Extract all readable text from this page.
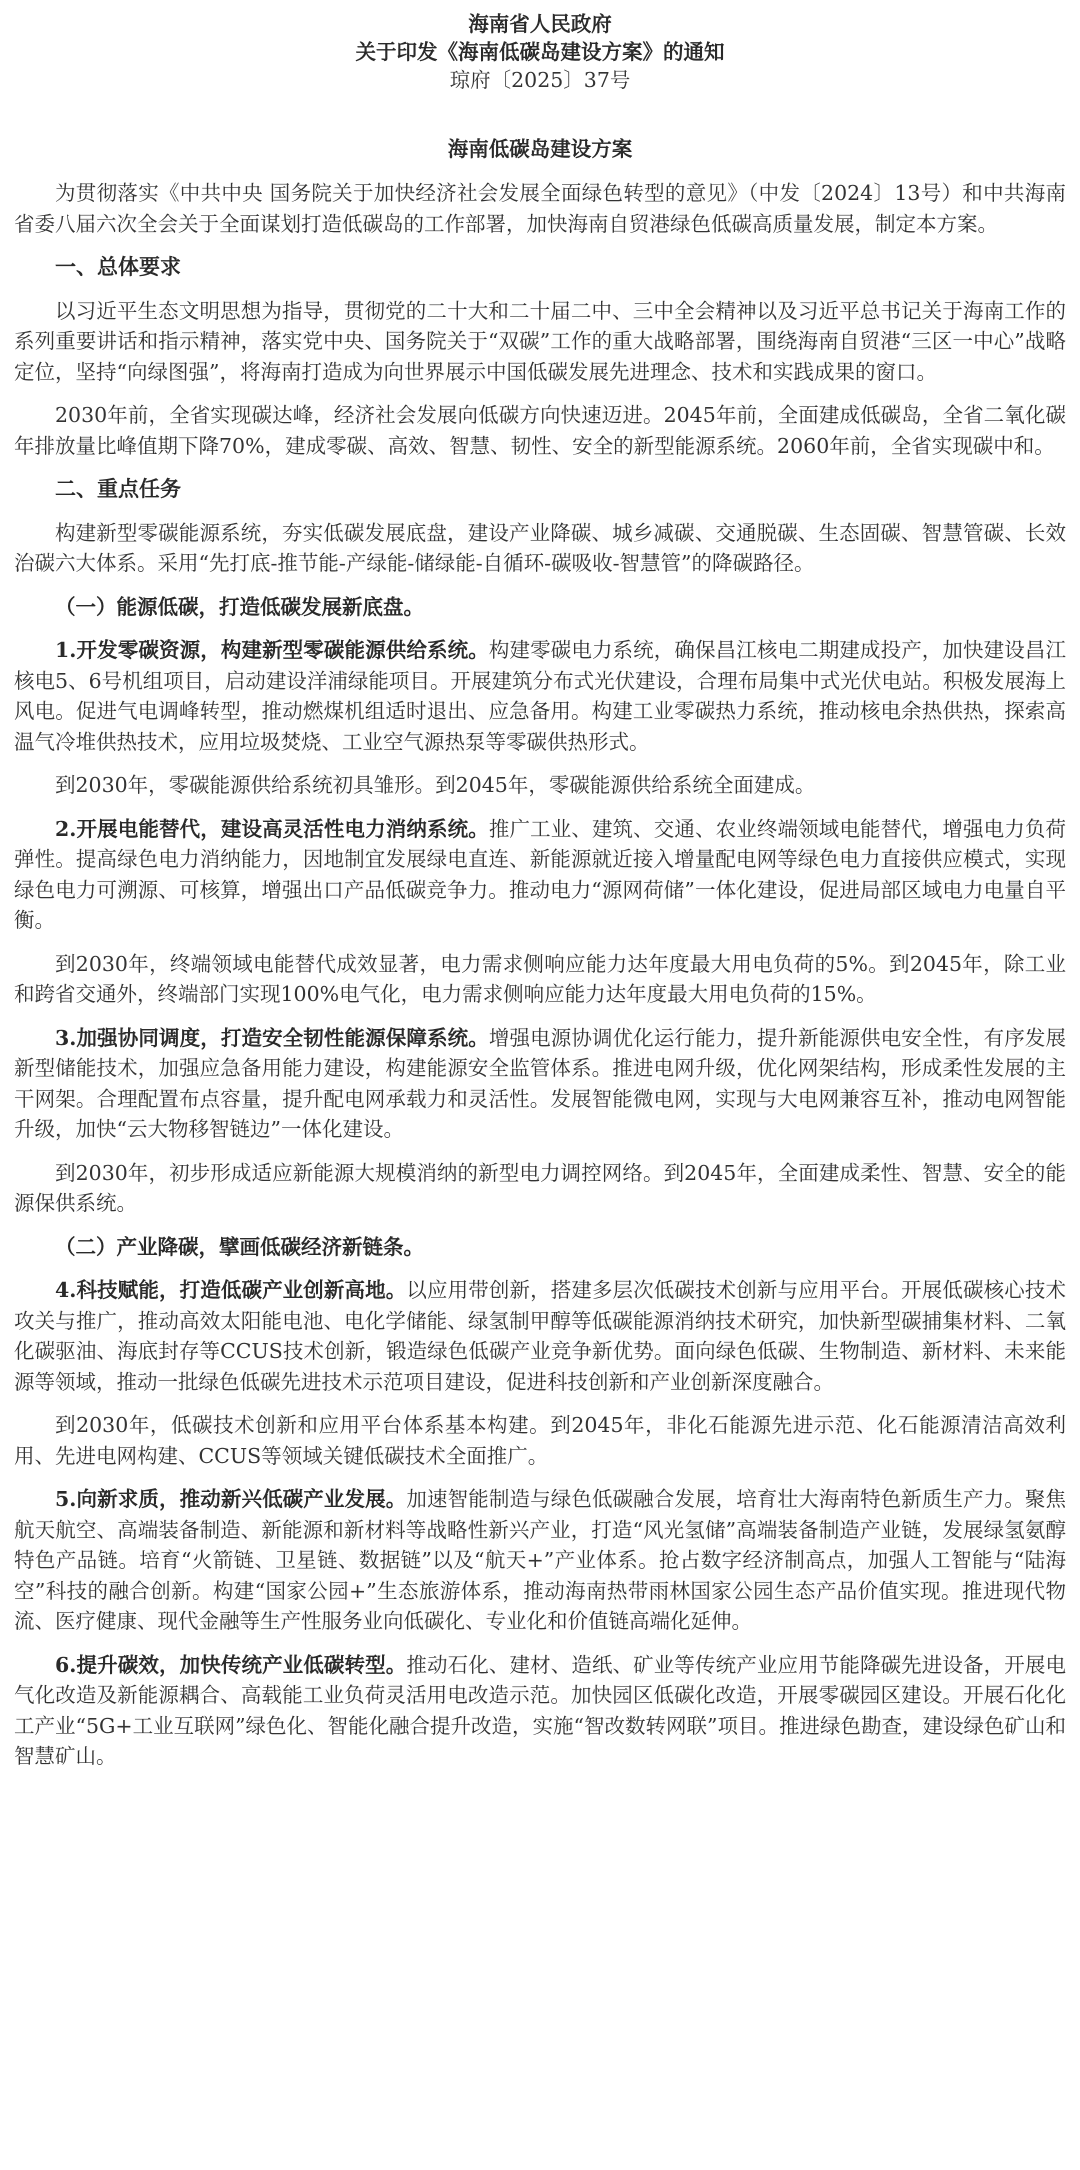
海南省人民政府
关于印发《海南低碳岛建设方案》的通知
琼府〔2025〕37号
海南低碳岛建设方案

为贯彻落实《中共中央 国务院关于加快经济社会发展全面绿色转型的意见》（中发〔2024〕13号）和中共海南省委八届六次全会关于全面谋划打造低碳岛的工作部署，加快海南自贸港绿色低碳高质量发展，制定本方案。

一、总体要求

以习近平生态文明思想为指导，贯彻党的二十大和二十届二中、三中全会精神以及习近平总书记关于海南工作的系列重要讲话和指示精神，落实党中央、国务院关于“双碳”工作的重大战略部署，围绕海南自贸港“三区一中心”战略定位，坚持“向绿图强”，将海南打造成为向世界展示中国低碳发展先进理念、技术和实践成果的窗口。

2030年前，全省实现碳达峰，经济社会发展向低碳方向快速迈进。2045年前，全面建成低碳岛，全省二氧化碳年排放量比峰值期下降70%，建成零碳、高效、智慧、韧性、安全的新型能源系统。2060年前，全省实现碳中和。

二、重点任务

构建新型零碳能源系统，夯实低碳发展底盘，建设产业降碳、城乡减碳、交通脱碳、生态固碳、智慧管碳、长效治碳六大体系。采用“先打底-推节能-产绿能-储绿能-自循环-碳吸收-智慧管”的降碳路径。

（一）能源低碳，打造低碳发展新底盘。

1.开发零碳资源，构建新型零碳能源供给系统。构建零碳电力系统，确保昌江核电二期建成投产，加快建设昌江核电5、6号机组项目，启动建设洋浦绿能项目。开展建筑分布式光伏建设，合理布局集中式光伏电站。积极发展海上风电。促进气电调峰转型，推动燃煤机组适时退出、应急备用。构建工业零碳热力系统，推动核电余热供热，探索高温气冷堆供热技术，应用垃圾焚烧、工业空气源热泵等零碳供热形式。

到2030年，零碳能源供给系统初具雏形。到2045年，零碳能源供给系统全面建成。

2.开展电能替代，建设高灵活性电力消纳系统。推广工业、建筑、交通、农业终端领域电能替代，增强电力负荷弹性。提高绿色电力消纳能力，因地制宜发展绿电直连、新能源就近接入增量配电网等绿色电力直接供应模式，实现绿色电力可溯源、可核算，增强出口产品低碳竞争力。推动电力“源网荷储”一体化建设，促进局部区域电力电量自平衡。

到2030年，终端领域电能替代成效显著，电力需求侧响应能力达年度最大用电负荷的5%。到2045年，除工业和跨省交通外，终端部门实现100%电气化，电力需求侧响应能力达年度最大用电负荷的15%。

3.加强协同调度，打造安全韧性能源保障系统。增强电源协调优化运行能力，提升新能源供电安全性，有序发展新型储能技术，加强应急备用能力建设，构建能源安全监管体系。推进电网升级，优化网架结构，形成柔性发展的主干网架。合理配置布点容量，提升配电网承载力和灵活性。发展智能微电网，实现与大电网兼容互补，推动电网智能升级，加快“云大物移智链边”一体化建设。

到2030年，初步形成适应新能源大规模消纳的新型电力调控网络。到2045年，全面建成柔性、智慧、安全的能源保供系统。

（二）产业降碳，擘画低碳经济新链条。

4.科技赋能，打造低碳产业创新高地。以应用带创新，搭建多层次低碳技术创新与应用平台。开展低碳核心技术攻关与推广，推动高效太阳能电池、电化学储能、绿氢制甲醇等低碳能源消纳技术研究，加快新型碳捕集材料、二氧化碳驱油、海底封存等CCUS技术创新，锻造绿色低碳产业竞争新优势。面向绿色低碳、生物制造、新材料、未来能源等领域，推动一批绿色低碳先进技术示范项目建设，促进科技创新和产业创新深度融合。

到2030年，低碳技术创新和应用平台体系基本构建。到2045年，非化石能源先进示范、化石能源清洁高效利用、先进电网构建、CCUS等领域关键低碳技术全面推广。

5.向新求质，推动新兴低碳产业发展。加速智能制造与绿色低碳融合发展，培育壮大海南特色新质生产力。聚焦航天航空、高端装备制造、新能源和新材料等战略性新兴产业，打造“风光氢储”高端装备制造产业链，发展绿氢氨醇特色产品链。培育“火箭链、卫星链、数据链”以及“航天+”产业体系。抢占数字经济制高点，加强人工智能与“陆海空”科技的融合创新。构建“国家公园+”生态旅游体系，推动海南热带雨林国家公园生态产品价值实现。推进现代物流、医疗健康、现代金融等生产性服务业向低碳化、专业化和价值链高端化延伸。

6.提升碳效，加快传统产业低碳转型。推动石化、建材、造纸、矿业等传统产业应用节能降碳先进设备，开展电气化改造及新能源耦合、高载能工业负荷灵活用电改造示范。加快园区低碳化改造，开展零碳园区建设。开展石化化工产业“5G+工业互联网”绿色化、智能化融合提升改造，实施“智改数转网联”项目。推进绿色勘查，建设绿色矿山和智慧矿山。
